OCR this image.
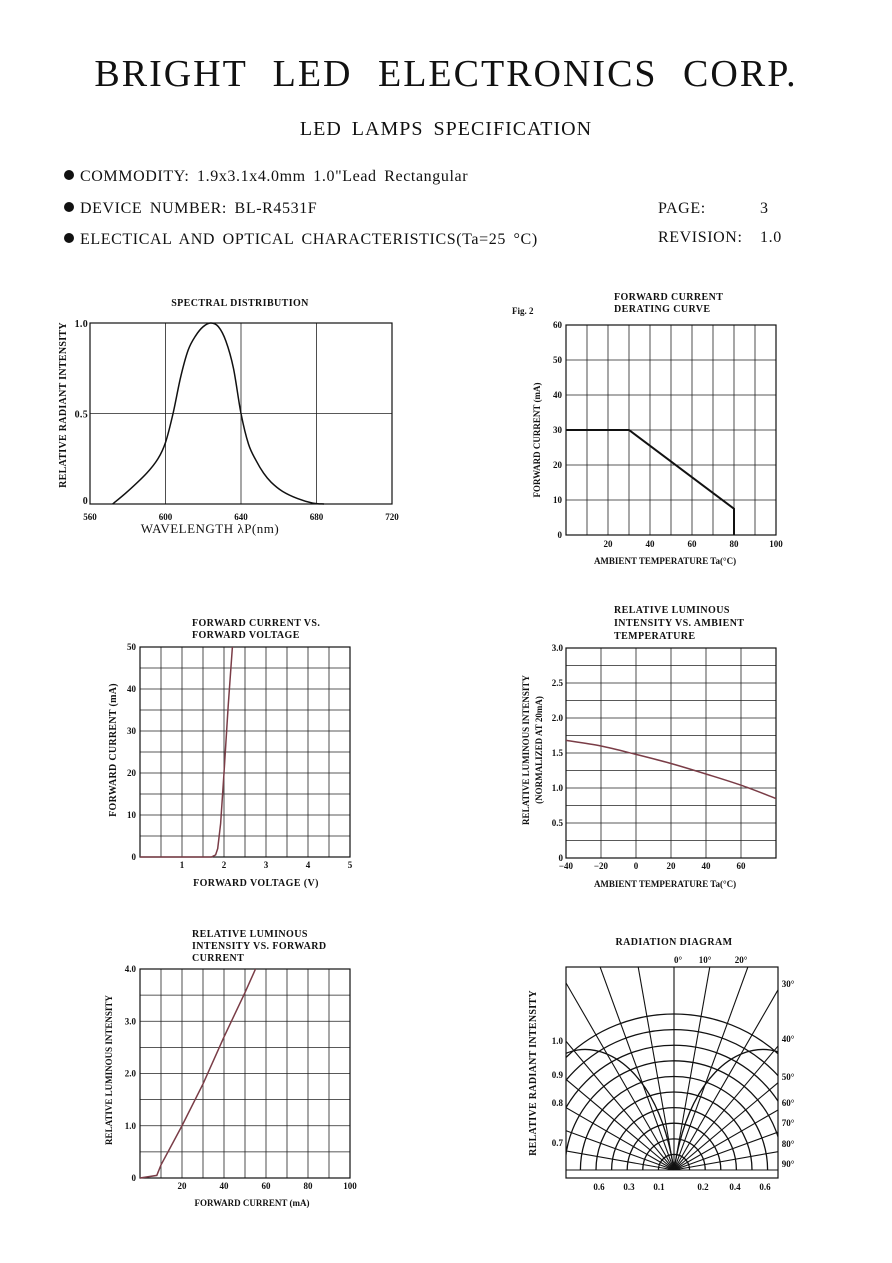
BRIGHT LED ELECTRONICS CORP.
LED LAMPS SPECIFICATION
COMMODITY: 1.9x3.1x4.0mm 1.0"Lead Rectangular
DEVICE NUMBER: BL-R4531F
ELECTICAL AND OPTICAL CHARACTERISTICS(Ta=25 °C)
PAGE:	3
REVISION: 1.0
SPECTRAL DISTRIBUTION
WAVELENGTH λP(nm)
RELATIVE RADIANT INTENSITY
Fig. 2
FORWARD CURRENT
DERATING CURVE
AMBIENT TEMPERATURE Ta(°C)
FORWARD CURRENT (mA)
FORWARD CURRENT VS.
FORWARD VOLTAGE
FORWARD VOLTAGE (V)
FORWARD CURRENT (mA)
RELATIVE LUMINOUS
INTENSITY VS. AMBIENT
TEMPERATURE
AMBIENT TEMPERATURE Ta(°C)
RELATIVE LUMINOUS INTENSITY (NORMALIZED AT 20mA)
RELATIVE LUMINOUS
INTENSITY VS. FORWARD
CURRENT
FORWARD CURRENT (mA)
RELATIVE LUMINOUS INTENSITY
RADIATION DIAGRAM
RELATIVE RADIANT INTENSITY
560	600	640	680	720
0
0.5
1.0
20	40	60	80	100
0
10
20
30
40
50
60
1	2	3	4	5
0
10
20
30
40
50
−40 −20	0	20	40	60
0
0.5
1.0
1.5
2.0
2.5
3.0
20	40	60	80	100
0
1.0
2.0
3.0
4.0
0° 10°	20°
30°
40°
50°
60°
70°
80°
90°
1.0
0.9
0.8
0.7
0.6 0.3 0.1	0.2 0.4 0.6
